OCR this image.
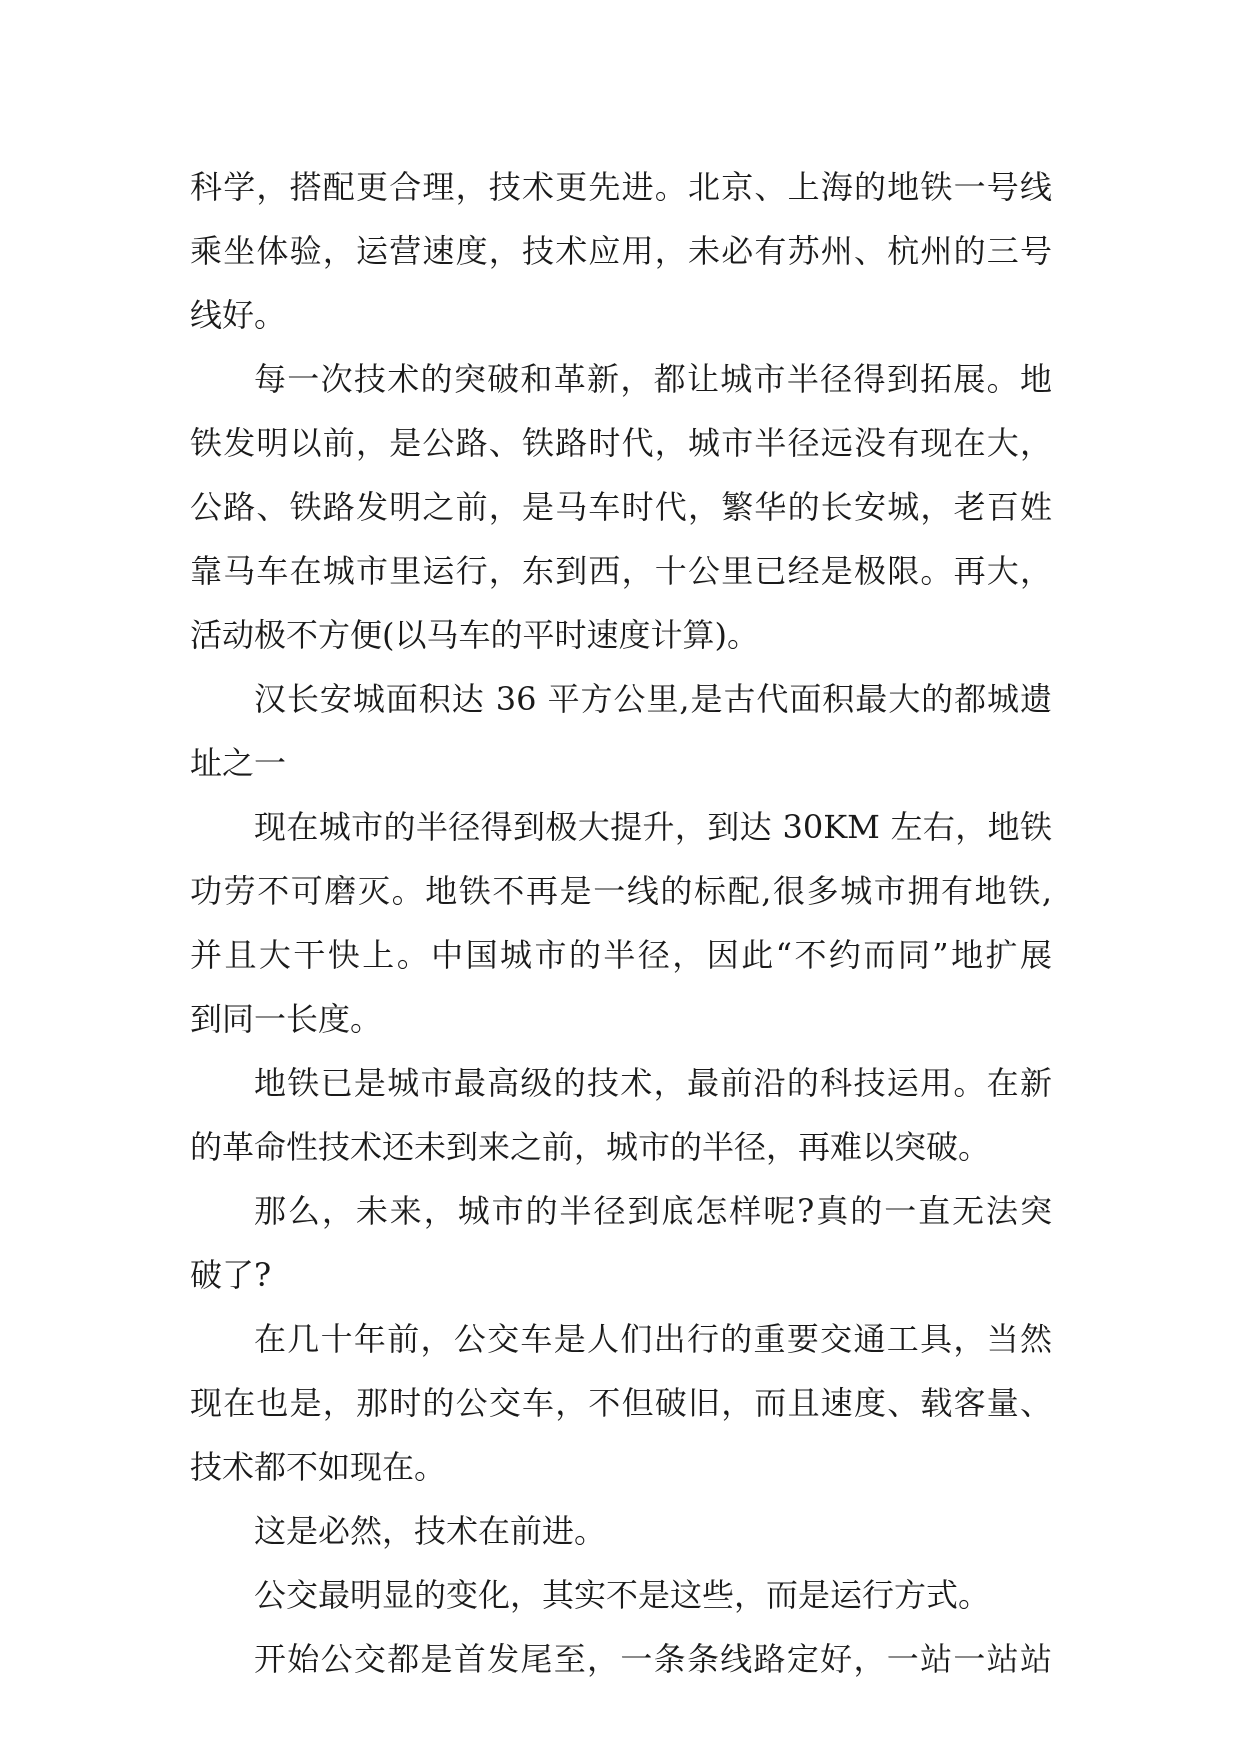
科学，搭配更合理，技术更先进。北京、上海的地铁一号线
乘坐体验，运营速度，技术应用，未必有苏州、杭州的三号
线好。
每一次技术的突破和革新，都让城市半径得到拓展。地
铁发明以前，是公路、铁路时代，城市半径远没有现在大，
公路、铁路发明之前，是马车时代，繁华的长安城，老百姓
靠马车在城市里运行，东到西，十公里已经是极限。再大，
活动极不方便(以马车的平时速度计算)。
汉长安城面积达 36 平方公里,是古代面积最大的都城遗
址之一
现在城市的半径得到极大提升，到达 30KM 左右，地铁
功劳不可磨灭。地铁不再是一线的标配,很多城市拥有地铁,
并且大干快上。中国城市的半径，因此“不约而同”地扩展
到同一长度。
地铁已是城市最高级的技术，最前沿的科技运用。在新
的革命性技术还未到来之前，城市的半径，再难以突破。
那么，未来，城市的半径到底怎样呢?真的一直无法突
破了?
在几十年前，公交车是人们出行的重要交通工具，当然
现在也是，那时的公交车，不但破旧，而且速度、载客量、
技术都不如现在。
这是必然，技术在前进。
公交最明显的变化，其实不是这些，而是运行方式。
开始公交都是首发尾至，一条条线路定好，一站一站站
